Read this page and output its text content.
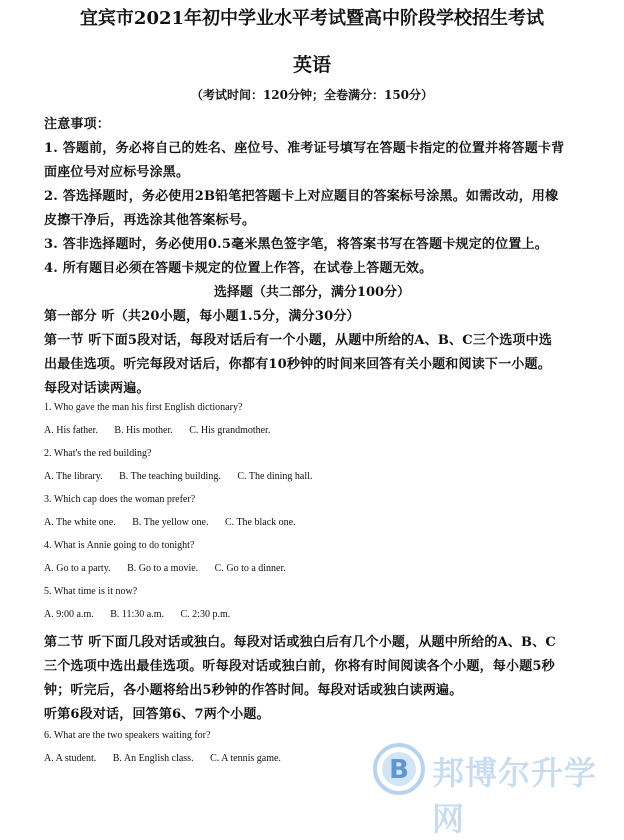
宜宾市2021年初中学业水平考试暨高中阶段学校招生考试
英语
（考试时间：120分钟；全卷满分：150分）
注意事项：
1. 答题前，务必将自己的姓名、座位号、准考证号填写在答题卡指定的位置并将答题卡背
面座位号对应标号涂黑。
2. 答选择题时，务必使用2B铅笔把答题卡上对应题目的答案标号涂黑。如需改动，用橡
皮擦干净后，再选涂其他答案标号。
3. 答非选择题时，务必使用0.5毫米黑色签字笔，将答案书写在答题卡规定的位置上。
4. 所有题目必须在答题卡规定的位置上作答，在试卷上答题无效。
选择题（共二部分，满分100分）
第一部分 听（共20小题，每小题1.5分，满分30分）
第一节 听下面5段对话，每段对话后有一个小题，从题中所给的A、B、C三个选项中选
出最佳选项。听完每段对话后，你都有10秒钟的时间来回答有关小题和阅读下一小题。
每段对话读两遍。
1. Who gave the man his first English dictionary?
A. His father. B. His mother. C. His grandmother.
2. What's the red building?
A. The library. B. The teaching building. C. The dining hall.
3. Which cap does the woman prefer?
A. The white one. B. The yellow one. C. The black one.
4. What is Annie going to do tonight?
A. Go to a party. B. Go to a movie. C. Go to a dinner.
5. What time is it now?
A. 9:00 a.m. B. 11:30 a.m. C. 2:30 p.m.
第二节 听下面几段对话或独白。每段对话或独白后有几个小题，从题中所给的A、B、C
三个选项中选出最佳选项。听每段对话或独白前，你将有时间阅读各个小题，每小题5秒
钟；听完后，各小题将给出5秒钟的作答时间。每段对话或独白读两遍。
听第6段对话，回答第6、7两个小题。
6. What are the two speakers waiting for?
A. A student. B. An English class. C. A tennis game.	B 邦博尔升学网
